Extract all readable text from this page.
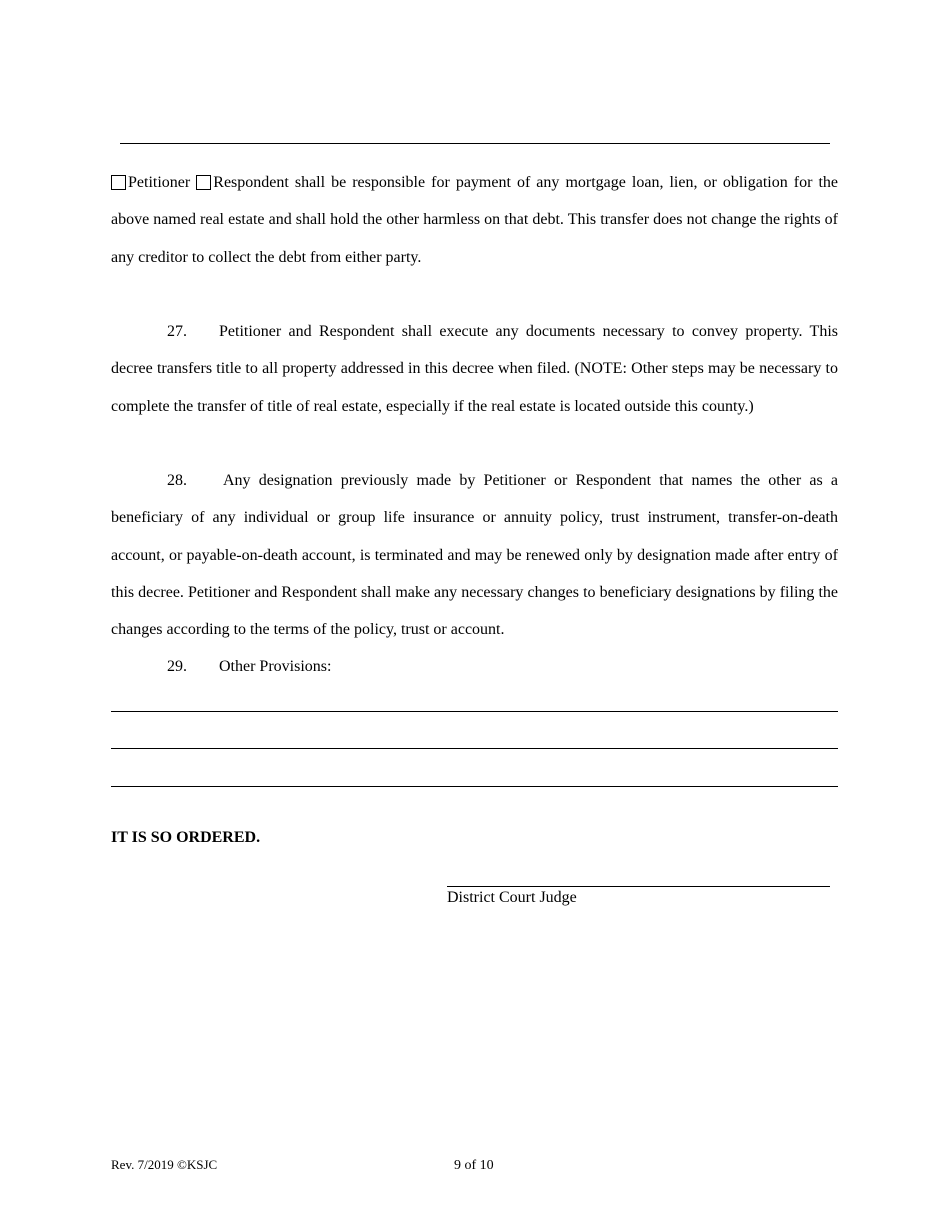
Petitioner Respondent shall be responsible for payment of any mortgage loan, lien, or obligation for the above named real estate and shall hold the other harmless on that debt. This transfer does not change the rights of any creditor to collect the debt from either party.

27. Petitioner and Respondent shall execute any documents necessary to convey property. This decree transfers title to all property addressed in this decree when filed. (NOTE: Other steps may be necessary to complete the transfer of title of real estate, especially if the real estate is located outside this county.)

28. Any designation previously made by Petitioner or Respondent that names the other as a beneficiary of any individual or group life insurance or annuity policy, trust instrument, transfer-on-death account, or payable-on-death account, is terminated and may be renewed only by designation made after entry of this decree. Petitioner and Respondent shall make any necessary changes to beneficiary designations by filing the changes according to the terms of the policy, trust or account.

29. Other Provisions:

IT IS SO ORDERED.

District Court Judge

Rev. 7/2019 ©KSJC	9 of 10
